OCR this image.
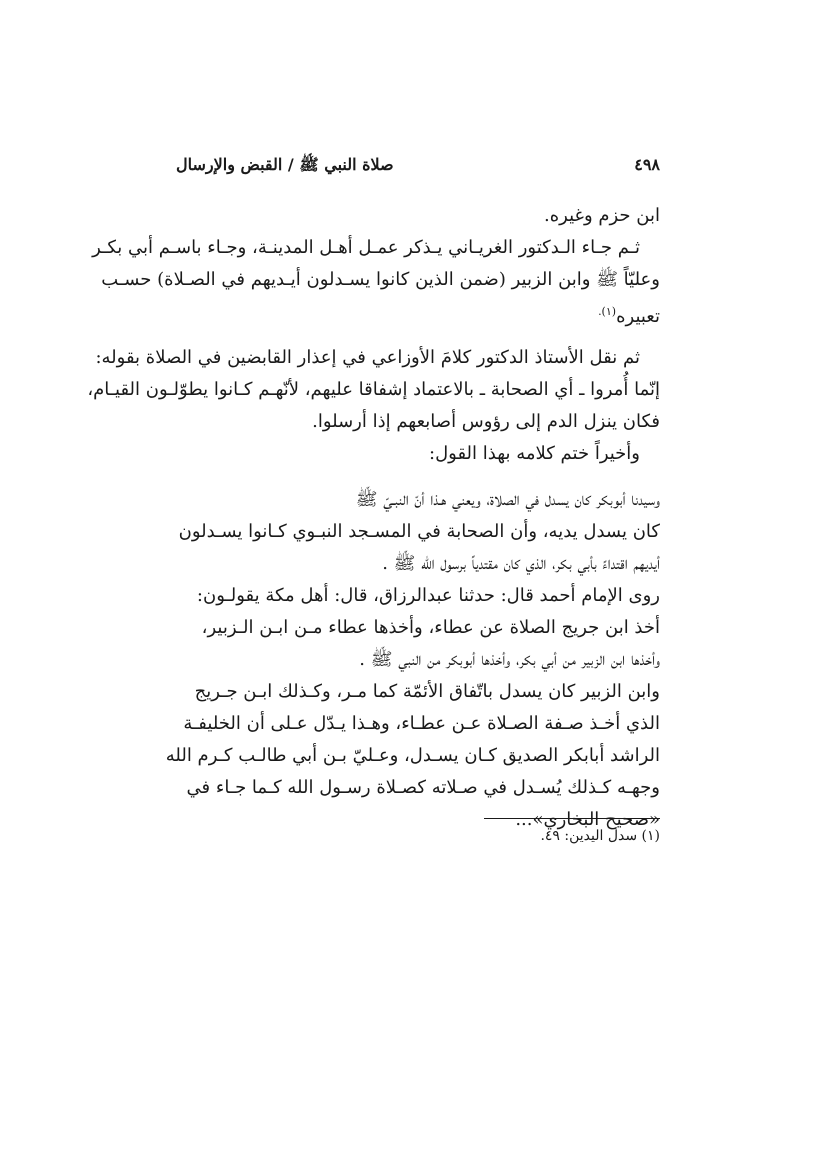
٤٩٨
صلاة النبي ﷺ / القبض والإرسال
ابن حزم وغيره.
ثـم جـاء الـدكتور الغريـاني يـذكر عمـل أهـل المدينـة، وجـاء باسـم أبي بكـر
وعليّاً ﷺ وابن الزبير (ضمن الذين كانوا يسـدلون أيـديهم في الصـلاة) حسـب
تعبيره$^{(١).}$
ثم نقل الأستاذ الدكتور كلامَ الأوزاعي في إعذار القابضين في الصلاة بقوله:
إنّما أُمروا ـ أي الصحابة ـ بالاعتماد إشفاقا عليهم، لأنّهـم كـانوا يطوّلـون القيـام،
فكان ينزل الدم إلى رؤوس أصابعهم إذا أرسلوا.
وأخيراً ختم كلامه بهذا القول:
وسيدنا أبوبكر كان يسدل في الصلاة، ويعني هـذا أنّ النبـيّ ﷺ
كان يسدل يديه، وأن الصحابة في المسـجد النبـوي كـانوا يسـدلون
أيديهم اقتداءً بأبي بكر، الذي كان مقتدياً برسول الله ﷺ .
روى الإمام أحمد قال: حدثنا عبدالرزاق، قال: أهل مكة يقولـون:
أخذ ابن جريج الصلاة عن عطاء، وأخذها عطاء مـن ابـن الـزبير،
وأخذها ابن الزبير من أبي بكر، وأخذها أبوبكر من النبي ﷺ .
وابن الزبير كان يسدل باتّفاق الأئمّة كما مـر، وكـذلك ابـن جـريج
الذي أخـذ صـفة الصـلاة عـن عطـاء، وهـذا يـدّل عـلى أن الخليفـة
الراشد أبابكر الصديق كـان يسـدل، وعـليّ بـن أبي طالـب كـرم الله
وجهـه كـذلك يُسـدل في صـلاته كصـلاة رسـول الله كـما جـاء في
«صحيح البخاري»...
(١) سدل اليدين: ٤٩.
